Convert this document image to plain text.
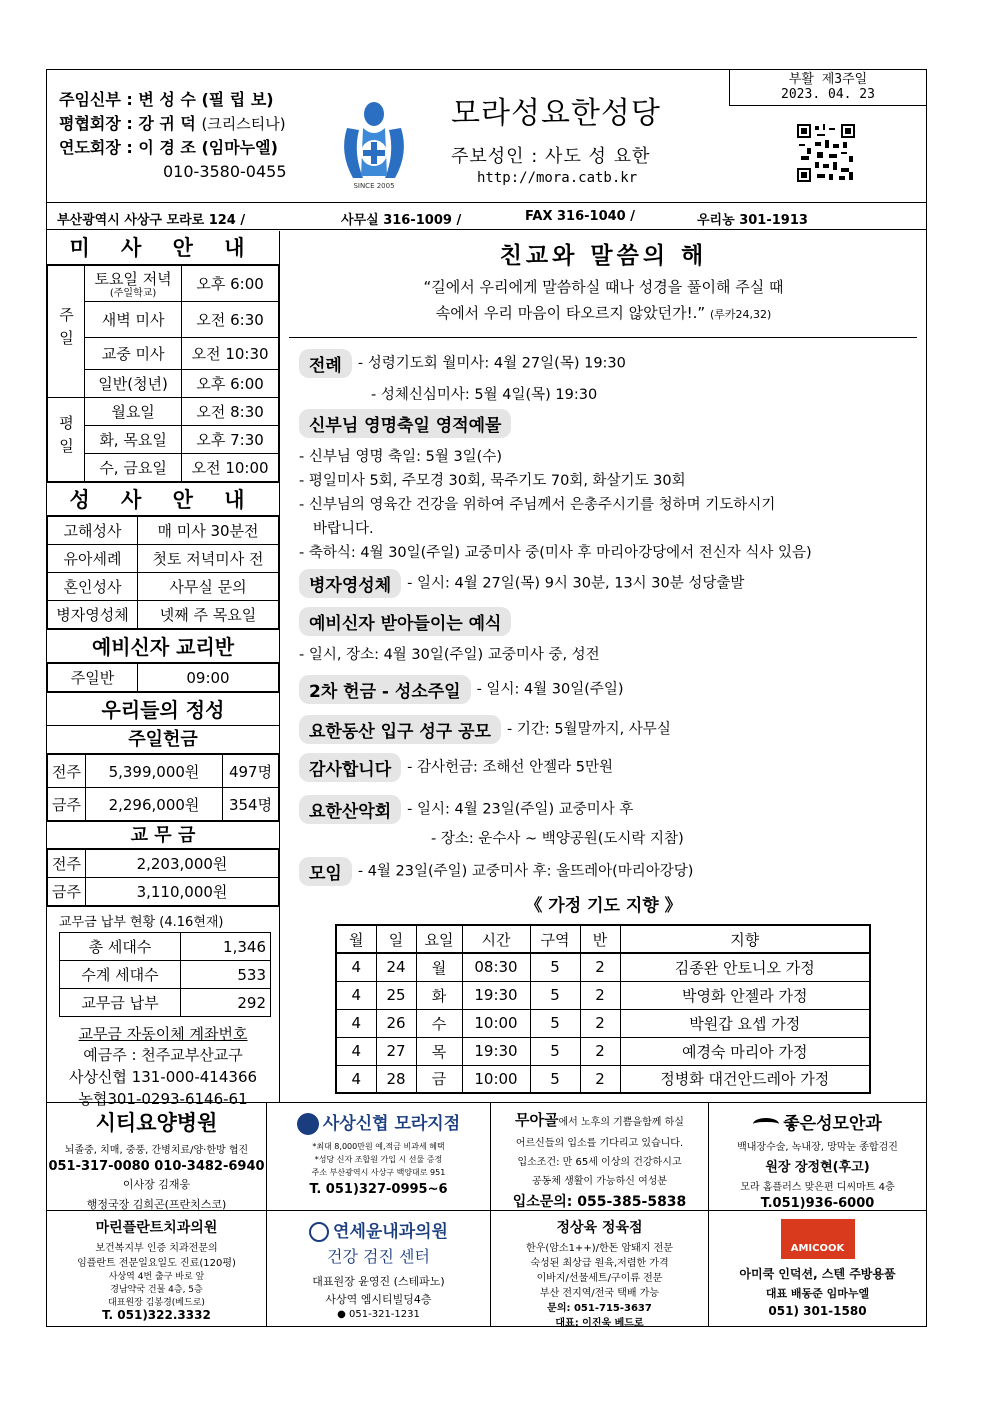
주임신부 : 변 성 수 (필 립 보)
평협회장 : 강 귀 덕 (크리스티나)
연도회장 : 이 경 조 (임마누엘)
010-3580-0455
SINCE 2005
모라성요한성당
주보성인 : 사도 성 요한
http://mora.catb.kr
부활 제3주일
2023. 04. 23
부산광역시 사상구 모라로 124 /	사무실 316-1009 /	FAX 316-1040 /	우리농 301-1913
미 사 안 내
주일	토요일 저녁
(주일학교)	오후 6:00
	새벽 미사	오전 6:30
	교중 미사	오전 10:30
	일반(청년)	오후 6:00
평일	월요일	오전 8:30
	화, 목요일	오후 7:30
	수, 금요일	오전 10:00
성 사 안 내
고해성사	매 미사 30분전
유아세례	첫토 저녁미사 전
혼인성사	사무실 문의
병자영성체	넷째 주 목요일
예비신자 교리반
주일반	09:00
우리들의 정성
주일헌금
전주	5,399,000원	497명
금주	2,296,000원	354명
교 무 금
전주	2,203,000원
금주	3,110,000원
교무금 납부 현황 (4.16현재)
총 세대수	1,346
수계 세대수	533
교무금 납부	292
교무금 자동이체 계좌번호
예금주 : 천주교부산교구
사상신협 131-000-414366
농협301-0293-6146-61
친교와 말씀의 해
“길에서 우리에게 말씀하실 때나 성경을 풀이해 주실 때
속에서 우리 마음이 타오르지 않았던가!.” (루카24,32)
전례 - 성령기도회 월미사: 4월 27일(목) 19:30
- 성체신심미사: 5월 4일(목) 19:30
신부님 영명축일 영적예물
- 신부님 영명 축일: 5월 3일(수)
- 평일미사 5회, 주모경 30회, 묵주기도 70회, 화살기도 30회
- 신부님의 영육간 건강을 위하여 주님께서 은총주시기를 청하며 기도하시기
바랍니다.
- 축하식: 4월 30일(주일) 교중미사 중(미사 후 마리아강당에서 전신자 식사 있음)
병자영성체 - 일시: 4월 27일(목) 9시 30분, 13시 30분 성당출발
예비신자 받아들이는 예식
- 일시, 장소: 4월 30일(주일) 교중미사 중, 성전
2차 헌금 - 성소주일 - 일시: 4월 30일(주일)
요한동산 입구 성구 공모 - 기간: 5월말까지, 사무실
감사합니다 - 감사헌금: 조해선 안젤라 5만원
요한산악회 - 일시: 4월 23일(주일) 교중미사 후
- 장소: 운수사 ~ 백양공원(도시락 지참)
모임 - 4월 23일(주일) 교중미사 후: 울뜨레아(마리아강당)
《 가정 기도 지향 》
월	일	요일	시간	구역	반	지향
4	24	월	08:30	5	2	김종완 안토니오 가정
4	25	화	19:30	5	2	박영화 안젤라 가정
4	26	수	10:00	5	2	박원갑 요셉 가정
4	27	목	19:30	5	2	예경숙 마리아 가정
4	28	금	10:00	5	2	정병화 대건안드레아 가정
시티요양병원
뇌졸중, 치매, 중풍, 간병치료/양·한방 협진
051-317-0080 010-3482-6940
이사장 김재웅
행정국장 김희곤(프란치스코)
사상신협 모라지점
*최대 8,000만원 예,적금 비과세 혜택
*성당 신자 조합원 가입 시 선물 증정
주소 부산광역시 사상구 백양대로 951
T. 051)327-0995~6
무아골에서 노후의 기쁨을함께 하실
어르신들의 입소를 기다리고 있습니다.
입소조건: 만 65세 이상의 건강하시고
공동체 생활이 가능하신 여성분
입소문의: 055-385-5838
좋은성모안과
백내장수술, 녹내장, 망막눈 종합검진
원장 장정현(후고)
모라 홈플러스 맞은편 디씨마트 4층
T.051)936-6000
마린플란트치과의원
보건복지부 인증 치과전문의
임플란트 전문일요일도 진료(120평)
사상역 4번 출구 바로 앞
경남약국 건물 4층, 5층
대표원장 김봉경(베드로)
T. 051)322.3332
연세윤내과의원
건강 검진 센터
대표원장 윤영진 (스테파노)
사상역 엠시티빌딩4층
● 051-321-1231
정상육 정육점
한우(암소1++)/한돈 암돼지 전문
숙성된 최상급 원육,저렴한 가격
이바지/선물세트/구이류 전문
부산 전지역/전국 택배 가능
문의: 051-715-3637
대표: 이진욱 베드로
AMICOOK
아미쿡 인덕션, 스텐 주방용품
대표 배동준 임마누엘
051) 301-1580
